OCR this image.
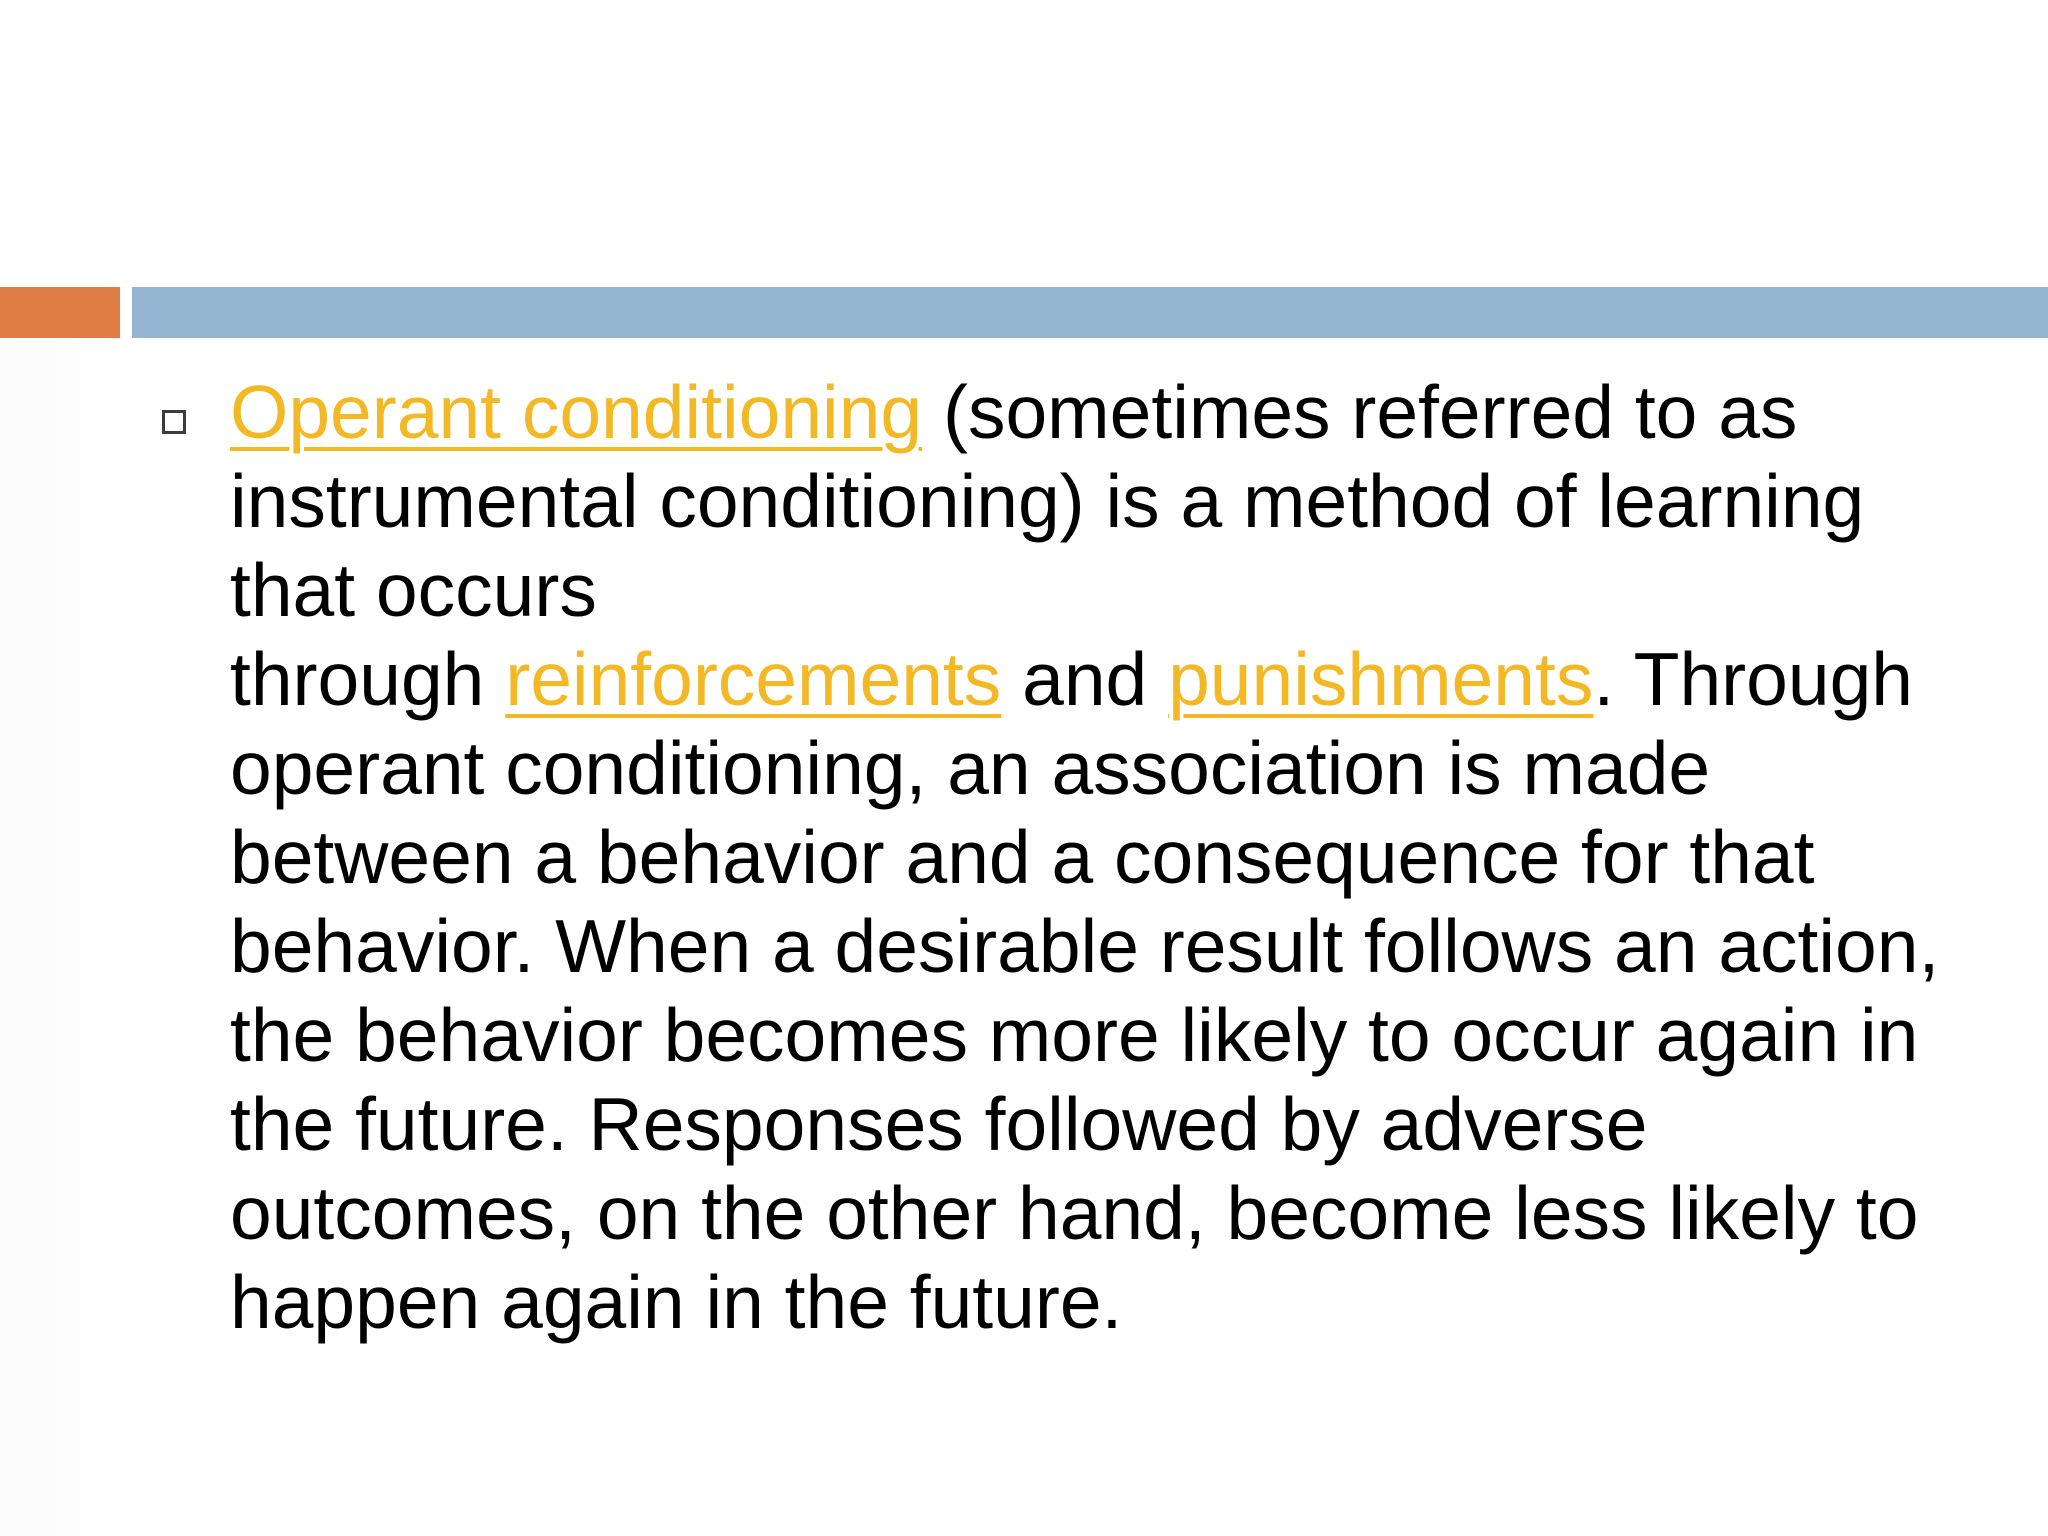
Operant conditioning (sometimes referred to as instrumental conditioning) is a method of learning that occurs
through reinforcements and punishments. Through operant conditioning, an association is made between a behavior and a consequence for that behavior. When a desirable result follows an action, the behavior becomes more likely to occur again in the future. Responses followed by adverse outcomes, on the other hand, become less likely to happen again in the future.
